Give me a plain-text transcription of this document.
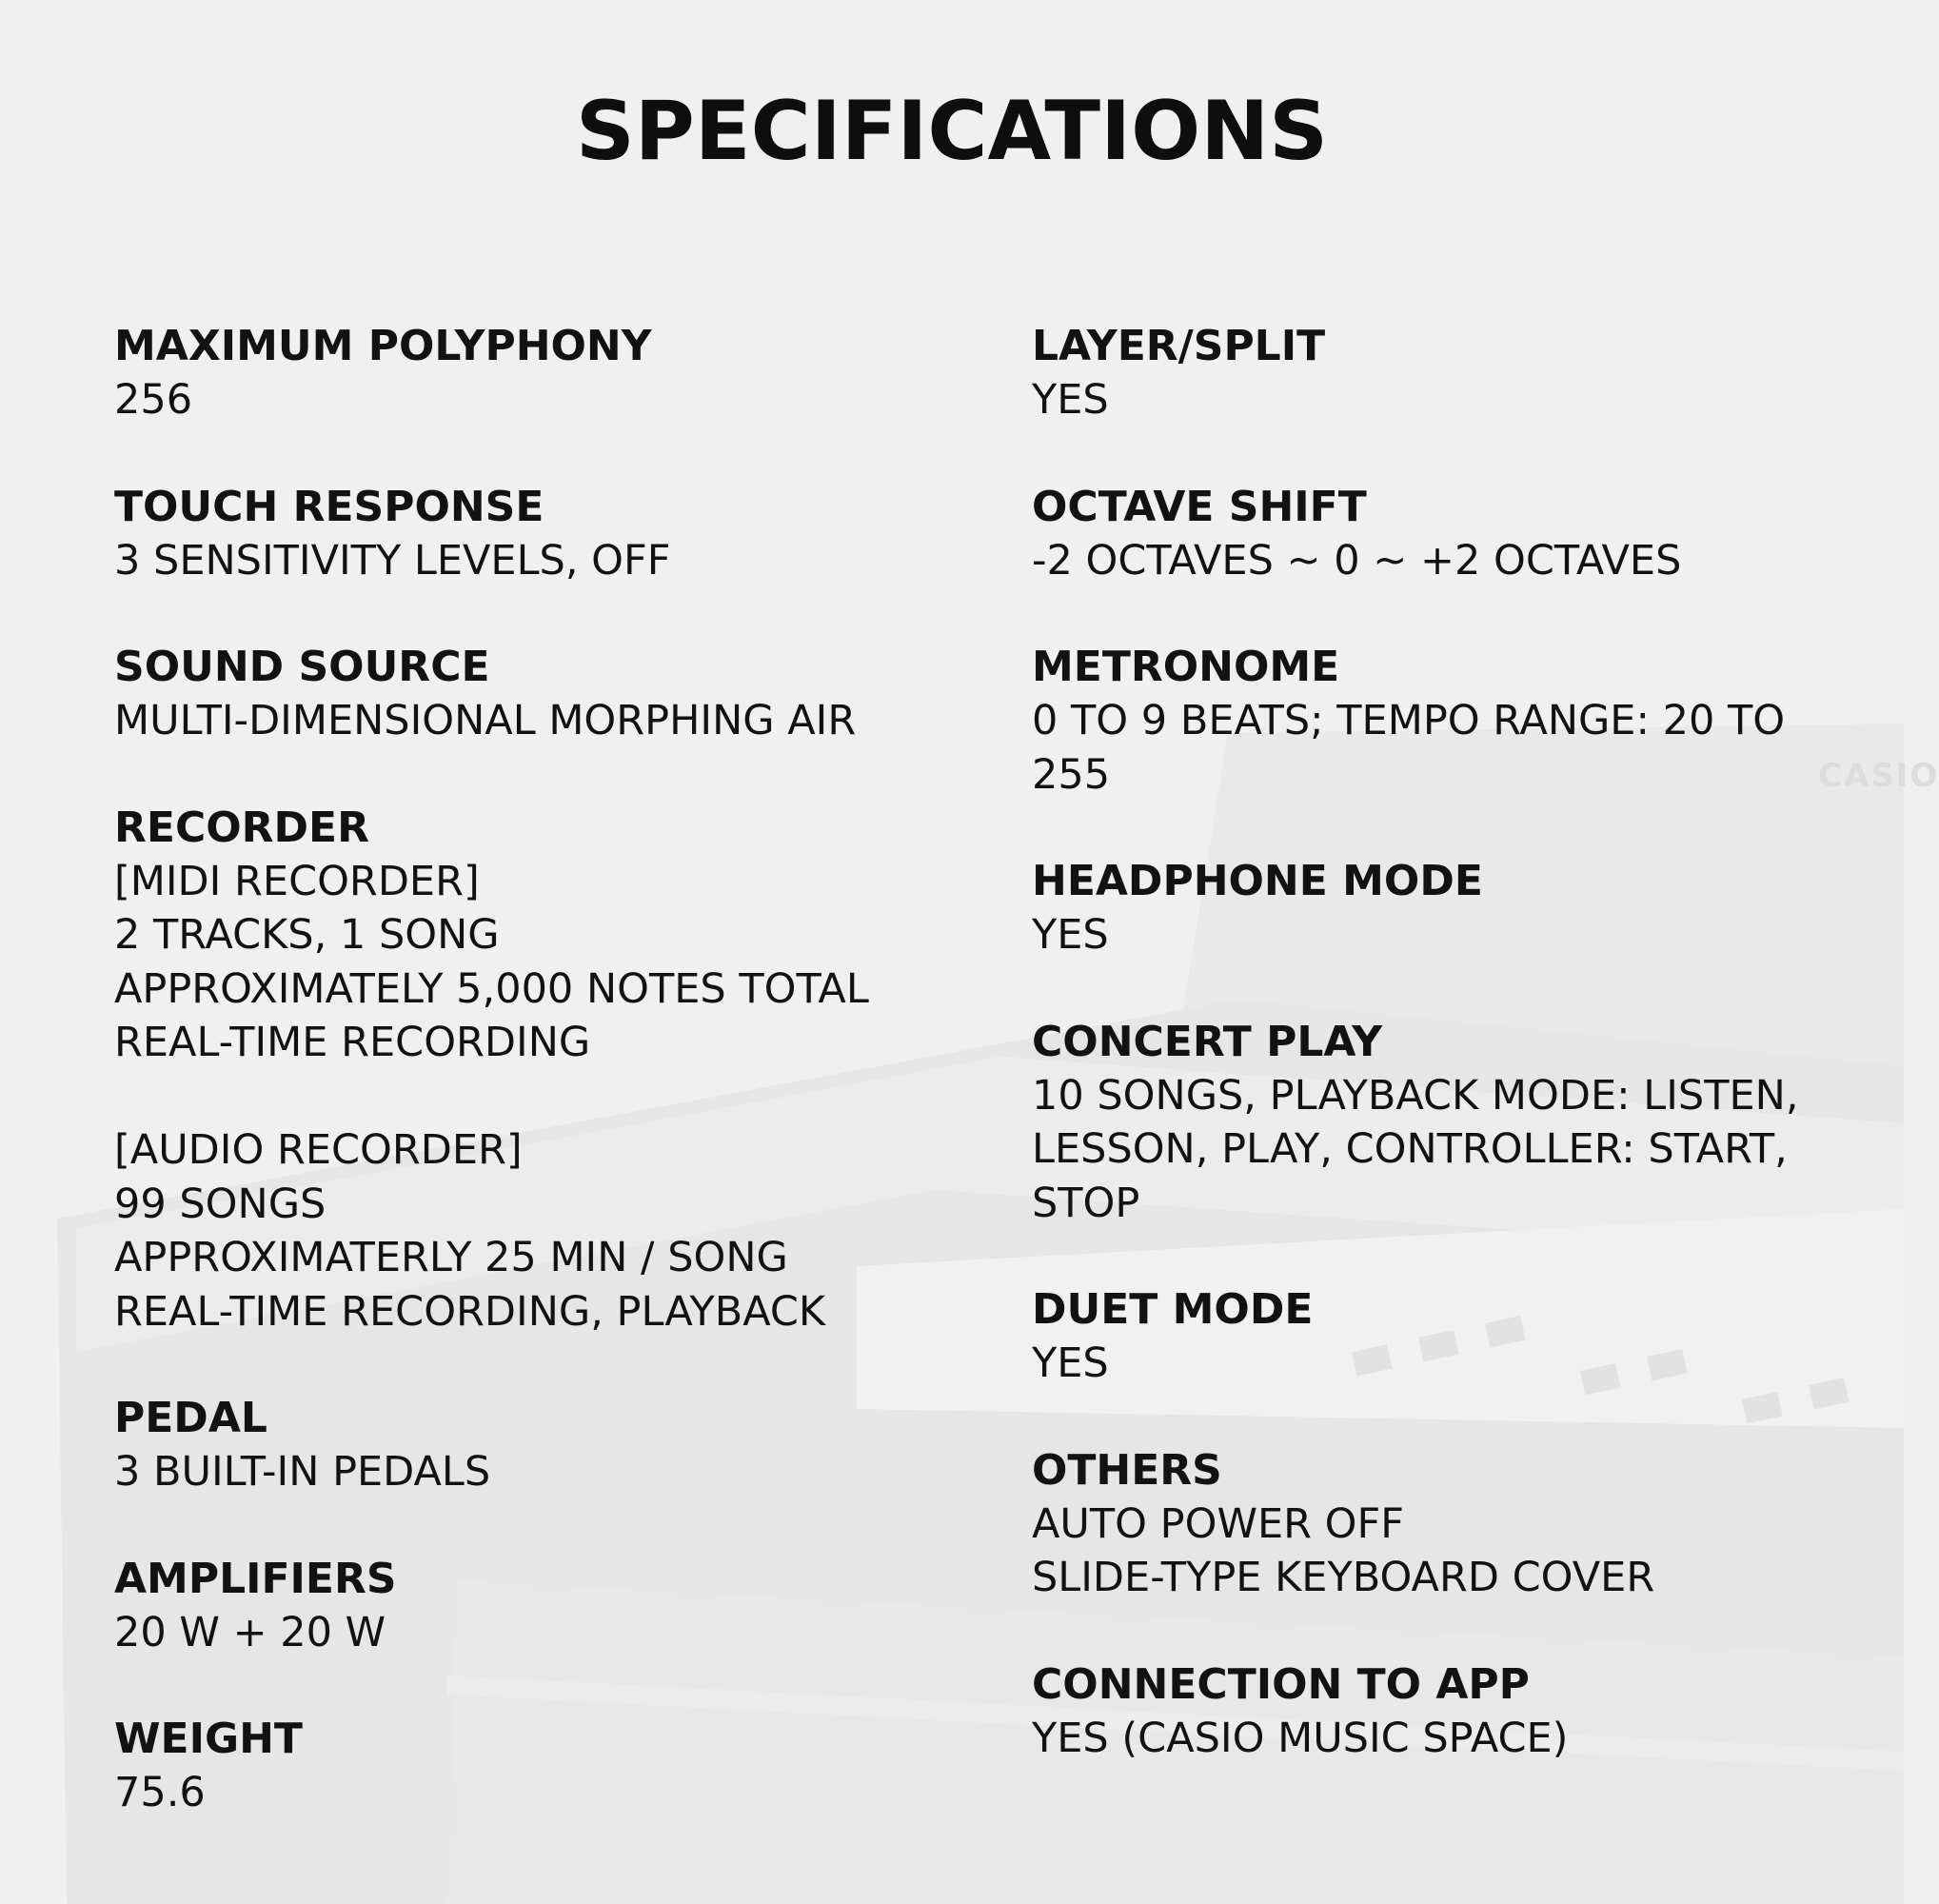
SPECIFICATIONS
MAXIMUM POLYPHONY
256
TOUCH RESPONSE
3 SENSITIVITY LEVELS, OFF
SOUND SOURCE
MULTI-DIMENSIONAL MORPHING AIR
RECORDER
[MIDI RECORDER]
2 TRACKS, 1 SONG
APPROXIMATELY 5,000 NOTES TOTAL
REAL-TIME RECORDING
[AUDIO RECORDER]
99 SONGS
APPROXIMATERLY 25 MIN / SONG
REAL-TIME RECORDING, PLAYBACK
PEDAL
3 BUILT-IN PEDALS
AMPLIFIERS
20 W + 20 W
WEIGHT
75.6
LAYER/SPLIT
YES
OCTAVE SHIFT
-2 OCTAVES ~ 0 ~ +2 OCTAVES
METRONOME
0 TO 9 BEATS; TEMPO RANGE: 20 TO
255
HEADPHONE MODE
YES
CONCERT PLAY
10 SONGS, PLAYBACK MODE: LISTEN,
LESSON, PLAY, CONTROLLER: START,
STOP
DUET MODE
YES
OTHERS
AUTO POWER OFF
SLIDE-TYPE KEYBOARD COVER
CONNECTION TO APP
YES (CASIO MUSIC SPACE)
CASIO
